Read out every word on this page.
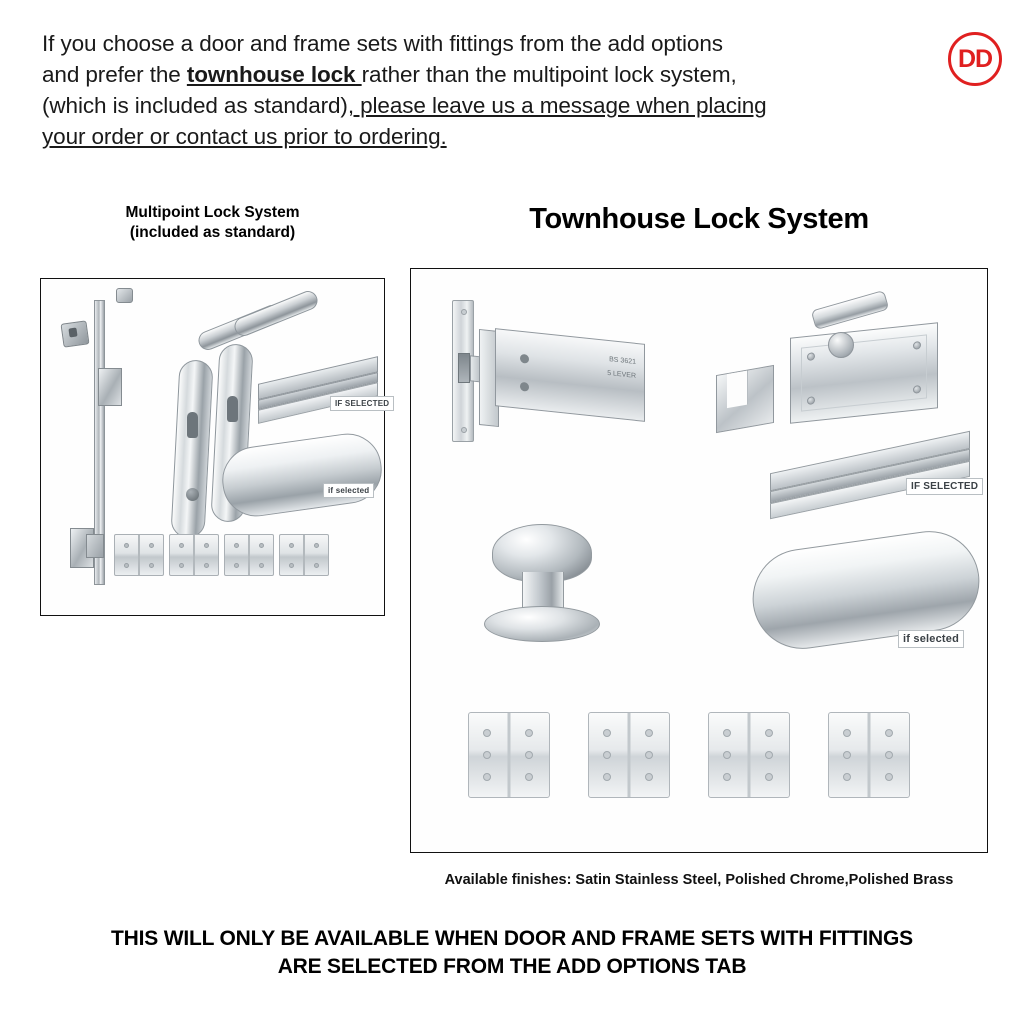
If you choose a door and frame sets with fittings from the add options
and prefer the townhouse lock rather than the multipoint lock system,
(which is included as standard), please leave us a message when placing
your order or contact us prior to ordering.
DD
Multipoint Lock System
(included as standard)	Townhouse Lock System
IF SELECTED
if selected
BS 3621
5 LEVER
IF SELECTED
if selected
Available finishes: Satin Stainless Steel, Polished Chrome,Polished Brass
THIS WILL ONLY BE AVAILABLE WHEN DOOR AND FRAME SETS WITH FITTINGS
ARE SELECTED FROM THE ADD OPTIONS TAB
